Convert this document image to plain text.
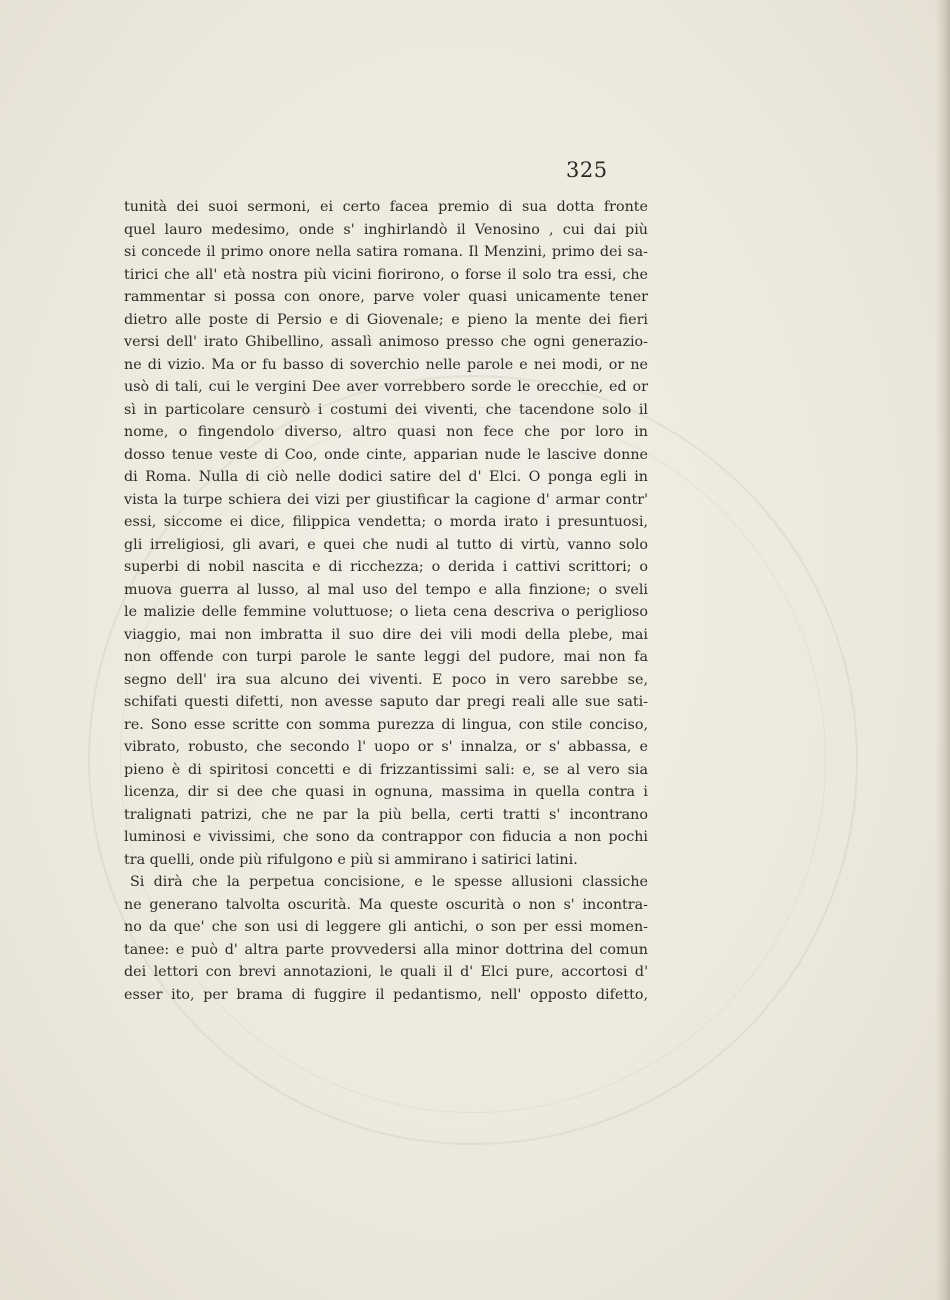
325
tunità dei suoi sermoni, ei certo facea premio di sua dotta fronte
quel lauro medesimo, onde s' inghirlandò il Venosino , cui dai più
si concede il primo onore nella satira romana. Il Menzini, primo dei sa-
tirici che all' età nostra più vicini fiorirono, o forse il solo tra essi, che
rammentar si possa con onore, parve voler quasi unicamente tener
dietro alle poste di Persio e di Giovenale; e pieno la mente dei fieri
versi dell' irato Ghibellino, assalì animoso presso che ogni generazio-
ne di vizio. Ma or fu basso di soverchio nelle parole e nei modi, or ne
usò di tali, cui le vergini Dee aver vorrebbero sorde le orecchie, ed or
sì in particolare censurò i costumi dei viventi, che tacendone solo il
nome, o fingendolo diverso, altro quasi non fece che por loro in
dosso tenue veste di Coo, onde cinte, apparian nude le lascive donne
di Roma. Nulla di ciò nelle dodici satire del d' Elci. O ponga egli in
vista la turpe schiera dei vizi per giustificar la cagione d' armar contr'
essi, siccome ei dice, filippica vendetta; o morda irato i presuntuosi,
gli irreligiosi, gli avari, e quei che nudi al tutto di virtù, vanno solo
superbi di nobil nascita e di ricchezza; o derida i cattivi scrittori; o
muova guerra al lusso, al mal uso del tempo e alla finzione; o sveli
le malizie delle femmine voluttuose; o lieta cena descriva o periglioso
viaggio, mai non imbratta il suo dire dei vili modi della plebe, mai
non offende con turpi parole le sante leggi del pudore, mai non fa
segno dell' ira sua alcuno dei viventi. E poco in vero sarebbe se,
schifati questi difetti, non avesse saputo dar pregi reali alle sue sati-
re. Sono esse scritte con somma purezza di lingua, con stile conciso,
vibrato, robusto, che secondo l' uopo or s' innalza, or s' abbassa, e
pieno è di spiritosi concetti e di frizzantissimi sali: e, se al vero sia
licenza, dir si dee che quasi in ognuna, massima in quella contra i
tralignati patrizi, che ne par la più bella, certi tratti s' incontrano
luminosi e vivissimi, che sono da contrappor con fiducia a non pochi
tra quelli, onde più rifulgono e più si ammirano i satirici latini.
Si dirà che la perpetua concisione, e le spesse allusioni classiche
ne generano talvolta oscurità. Ma queste oscurità o non s' incontra-
no da que' che son usi di leggere gli antichi, o son per essi momen-
tanee: e può d' altra parte provvedersi alla minor dottrina del comun
dei lettori con brevi annotazioni, le quali il d' Elci pure, accortosi d'
esser ito, per brama di fuggire il pedantismo, nell' opposto difetto,
